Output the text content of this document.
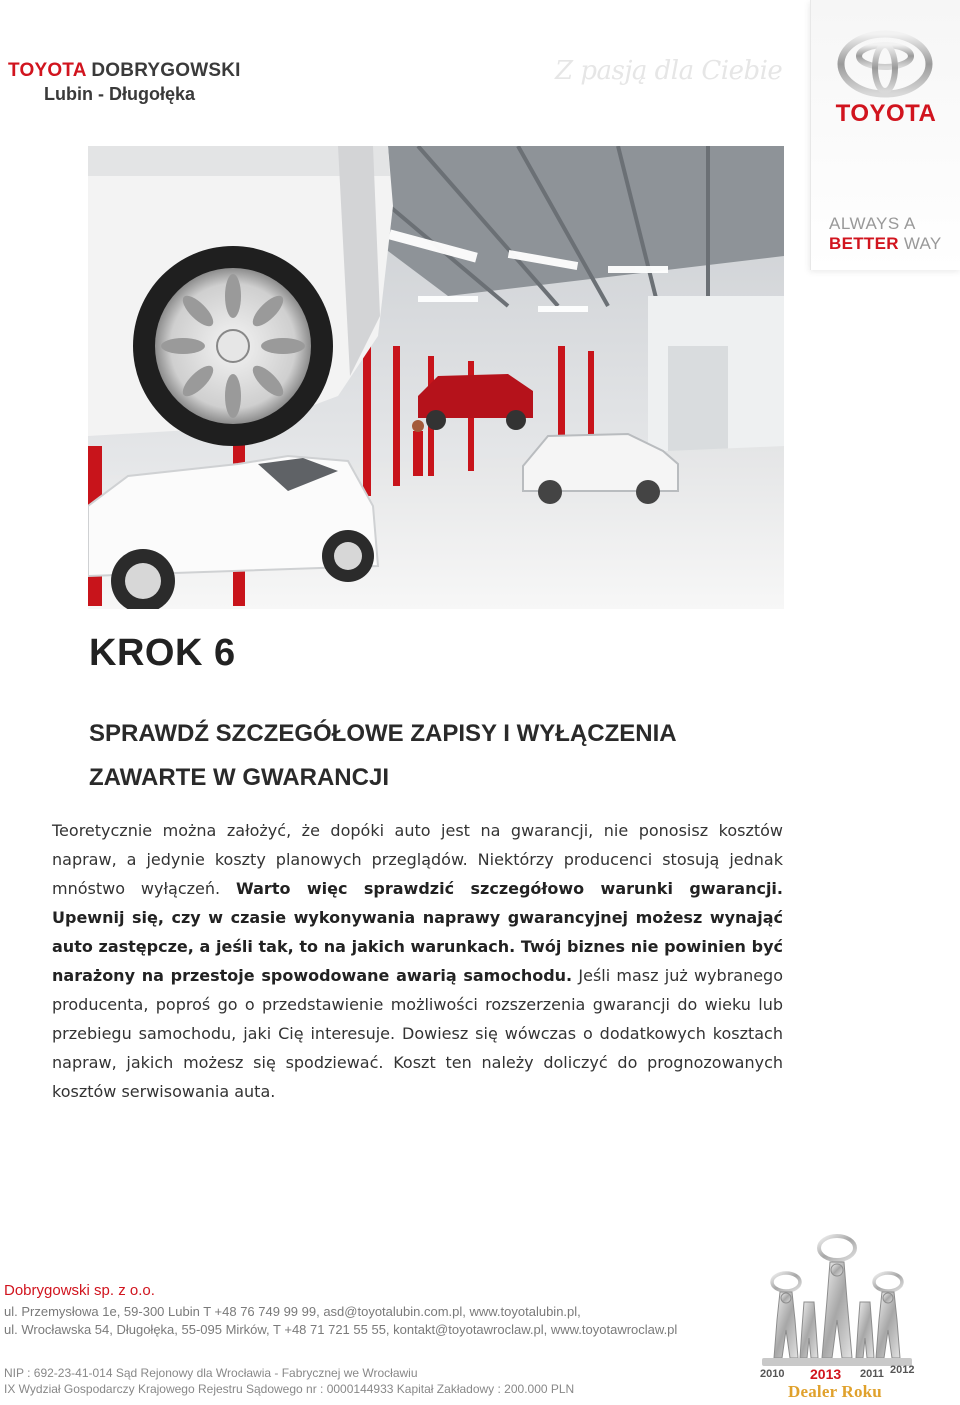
TOYOTA DOBRYGOWSKI
Lubin - Długołęka
Z pasją dla Ciebie
TOYOTA
ALWAYS A
BETTER WAY
KROK 6
SPRAWDŹ SZCZEGÓŁOWE ZAPISY I WYŁĄCZENIA
ZAWARTE W GWARANCJI
Teoretycznie można założyć, że dopóki auto jest na gwarancji, nie ponosisz kosztów napraw, a jedynie koszty planowych przeglądów. Niektórzy producenci stosują jednak mnóstwo wyłączeń. Warto więc sprawdzić szczegółowo warunki gwarancji. Upewnij się, czy w czasie wykonywania naprawy gwarancyjnej możesz wynająć auto zastępcze, a jeśli tak, to na jakich warunkach. Twój biznes nie powinien być narażony na przestoje spowodowane awarią samochodu. Jeśli masz już wybranego producenta, poproś go o przedstawienie możliwości rozszerzenia gwarancji do wieku lub przebiegu samochodu, jaki Cię interesuje. Dowiesz się wówczas o dodatkowych kosztach napraw, jakich możesz się spodziewać. Koszt ten należy doliczyć do prognozowanych kosztów serwisowania auta.
Dobrygowski sp. z o.o.
ul. Przemysłowa 1e, 59-300 Lubin T +48 76 749 99 99, asd@toyotalubin.com.pl, www.toyotalubin.pl,
ul. Wrocławska 54, Długołęka, 55-095 Mirków, T +48 71 721 55 55, kontakt@toyotawroclaw.pl, www.toyotawroclaw.pl
NIP : 692-23-41-014 Sąd Rejonowy dla Wrocławia - Fabrycznej we Wrocławiu
IX Wydział Gospodarczy Krajowego Rejestru Sądowego nr : 0000144933 Kapitał Zakładowy : 200.000 PLN
2010 2013 2011 2012
Dealer Roku
